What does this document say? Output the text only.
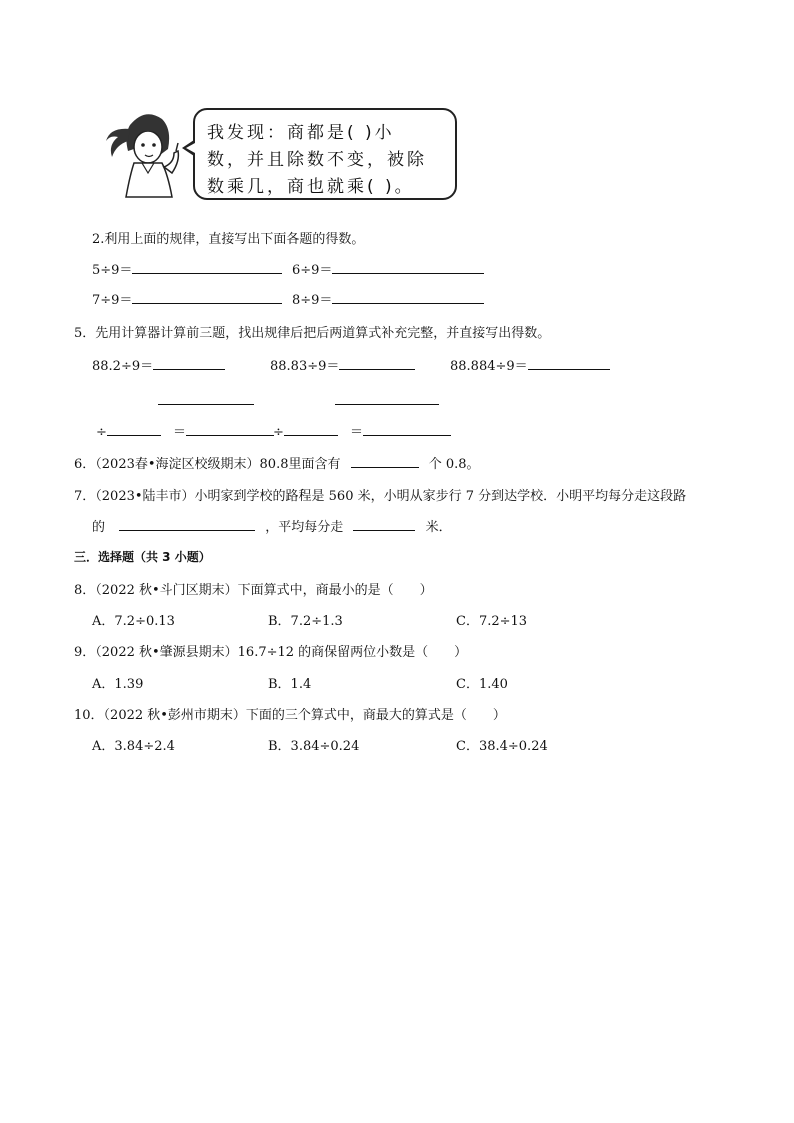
我发现：商都是( )小
数，并且除数不变，被除
数乘几，商也就乘( )。
2.利用上面的规律，直接写出下面各题的得数。
5÷9＝	6÷9＝
7÷9＝	8÷9＝
5．先用计算器计算前三题，找出规律后把后两道算式补充完整，并直接写出得数。
88.2÷9＝	88.83÷9＝	88.884÷9＝
÷	＝	÷	＝
6．（2023春•海淀区校级期末）80.8里面含有	个 0.8。
7．（2023•陆丰市）小明家到学校的路程是 560 米，小明从家步行 7 分到达学校．小明平均每分走这段路
的	，平均每分走	米．
三．选择题（共 3 小题）
8．（2022 秋•斗门区期末）下面算式中，商最小的是（　　）
A．7.2÷0.13	B．7.2÷1.3	C．7.2÷13
9．（2022 秋•肇源县期末）16.7÷12 的商保留两位小数是（　　）
A．1.39	B．1.4	C．1.40
10．（2022 秋•彭州市期末）下面的三个算式中，商最大的算式是（　　）
A．3.84÷2.4	B．3.84÷0.24	C．38.4÷0.24
